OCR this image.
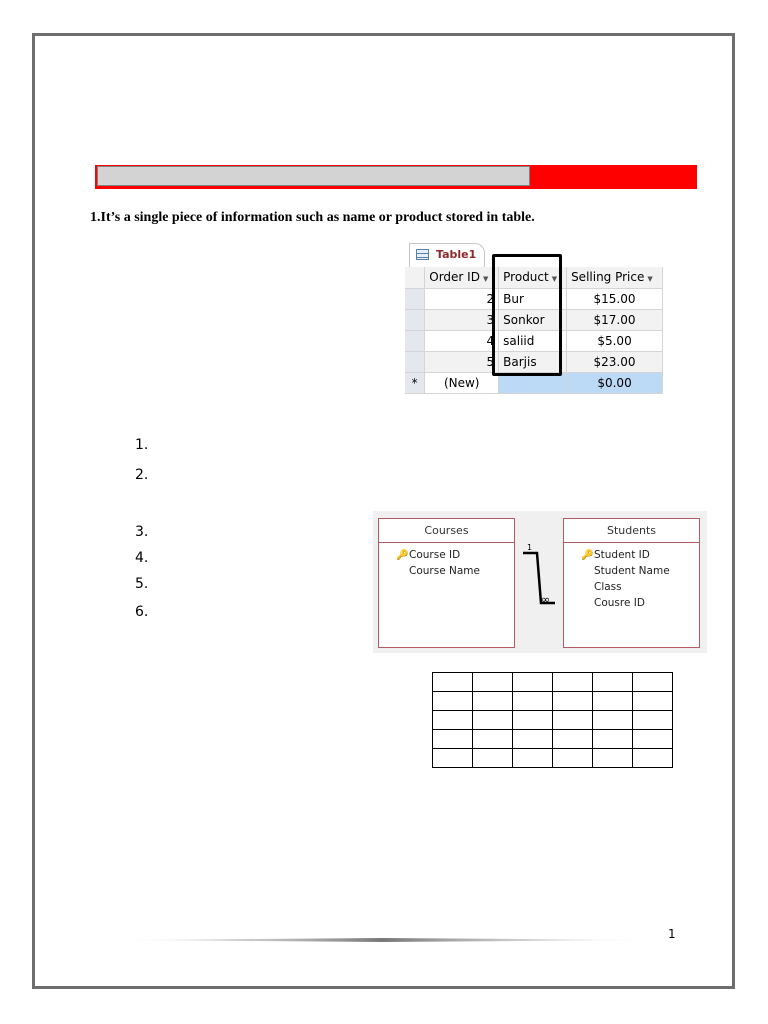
1.It’s a single piece of information such as name or product stored in table.
Table1
	Order ID ▼	Product ▼	Selling Price ▼
	2	Bur	$15.00
	3	Sonkor	$17.00
	4	saliid	$5.00
	5	Barjis	$23.00
*	(New)		$0.00
1.
2.
3.
4.
5.
6.
Courses
🔑 Course ID
Course Name
1
∞
Students
🔑 Student ID
Student Name
Class
Cousre ID

1
